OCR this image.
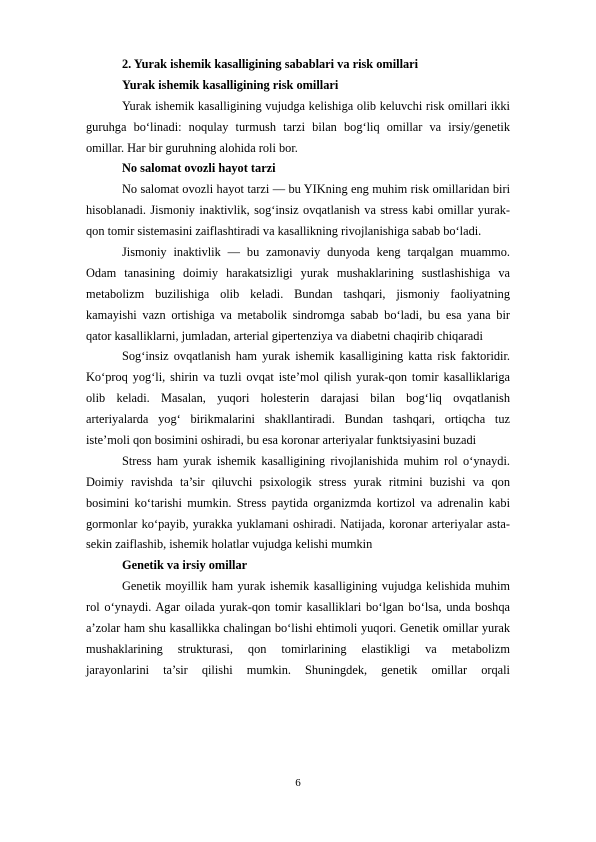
2. Yurak ishemik kasalligining sabablari va risk omillari
Yurak ishemik kasalligining risk omillari
Yurak ishemik kasalligining vujudga kelishiga olib keluvchi risk omillari ikki
guruhga bo‘linadi: noqulay turmush tarzi bilan bog‘liq omillar va irsiy/genetik
omillar. Har bir guruhning alohida roli bor.
No salomat ovozli hayot tarzi
No salomat ovozli hayot tarzi — bu YIKning eng muhim risk omillaridan biri
hisoblanadi. Jismoniy inaktivlik, sog‘insiz ovqatlanish va stress kabi omillar yurak-
qon tomir sistemasini zaiflashtiradi va kasallikning rivojlanishiga sabab bo‘ladi.
Jismoniy inaktivlik — bu zamonaviy dunyoda keng tarqalgan muammo.
Odam tanasining doimiy harakatsizligi yurak mushaklarining sustlashishiga va
metabolizm buzilishiga olib keladi. Bundan tashqari, jismoniy faoliyatning
kamayishi vazn ortishiga va metabolik sindromga sabab bo‘ladi, bu esa yana bir
qator kasalliklarni, jumladan, arterial gipertenziya va diabetni chaqirib chiqaradi
Sog‘insiz ovqatlanish ham yurak ishemik kasalligining katta risk faktoridir.
Ko‘proq yog‘li, shirin va tuzli ovqat iste’mol qilish yurak-qon tomir kasalliklariga
olib keladi. Masalan, yuqori holesterin darajasi bilan bog‘liq ovqatlanish
arteriyalarda yog‘ birikmalarini shakllantiradi. Bundan tashqari, ortiqcha tuz
iste’moli qon bosimini oshiradi, bu esa koronar arteriyalar funktsiyasini buzadi
Stress ham yurak ishemik kasalligining rivojlanishida muhim rol o‘ynaydi.
Doimiy ravishda ta’sir qiluvchi psixologik stress yurak ritmini buzishi va qon
bosimini ko‘tarishi mumkin. Stress paytida organizmda kortizol va adrenalin kabi
gormonlar ko‘payib, yurakka yuklamani oshiradi. Natijada, koronar arteriyalar asta-
sekin zaiflashib, ishemik holatlar vujudga kelishi mumkin
Genetik va irsiy omillar
Genetik moyillik ham yurak ishemik kasalligining vujudga kelishida muhim
rol o‘ynaydi. Agar oilada yurak-qon tomir kasalliklari bo‘lgan bo‘lsa, unda boshqa
a’zolar ham shu kasallikka chalingan bo‘lishi ehtimoli yuqori. Genetik omillar yurak
mushaklarining strukturasi, qon tomirlarining elastikligi va metabolizm
jarayonlarini ta’sir qilishi mumkin. Shuningdek, genetik omillar orqali
6
